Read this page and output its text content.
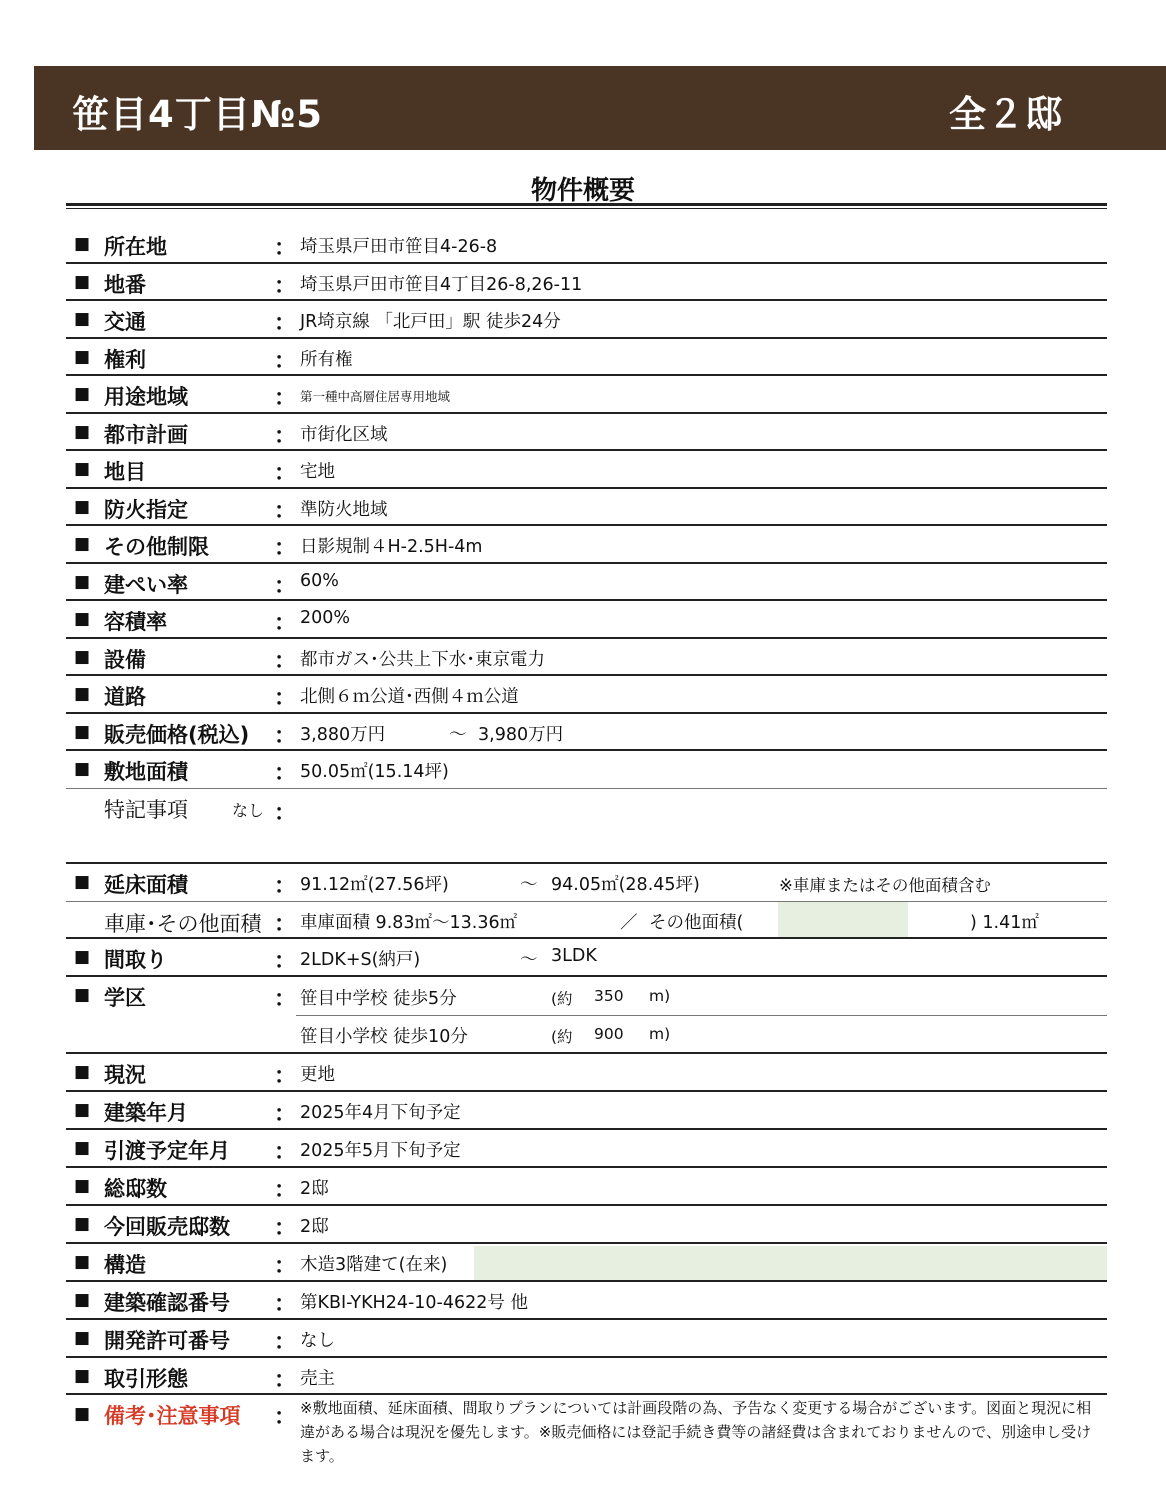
笹目4丁目№5	全２邸
物件概要
■ 所在地	： 埼玉県戸田市笹目4-26-8
■ 地番	： 埼玉県戸田市笹目4丁目26-8,26-11
■ 交通	： JR埼京線 「北戸田」駅 徒歩24分
■ 権利	： 所有権
■ 用途地域	： 第一種中高層住居専用地域
■ 都市計画	： 市街化区域
■ 地目	： 宅地
■ 防火指定	： 準防火地域
■ その他制限	： 日影規制４H-2.5H-4m
■ 建ぺい率	： 60%
■ 容積率	： 200%
■ 設備	： 都市ガス･公共上下水･東京電力
■ 道路	： 北側６ｍ公道･西側４ｍ公道
■ 販売価格(税込) ： 3,880万円	～ 3,980万円
■ 敷地面積	： 50.05㎡(15.14坪)
特記事項	なし ：
■ 延床面積	： 91.12㎡(27.56坪)	～ 94.05㎡(28.45坪)	※車庫またはその他面積含む
車庫･その他面積 ： 車庫面積 9.83㎡～13.36㎡	／ その他面積(	) 1.41㎡
■ 間取り	： 2LDK+S(納戸)	～ 3LDK
■ 学区	： 笹目中学校 徒歩5分	(約 350 m)
笹目小学校 徒歩10分	(約 900 m)
■ 現況	： 更地
■ 建築年月	： 2025年4月下旬予定
■ 引渡予定年月 ： 2025年5月下旬予定
■ 総邸数	： 2邸
■ 今回販売邸数 ： 2邸
■ 構造	： 木造3階建て(在来)
■ 建築確認番号 ： 第KBI-YKH24-10-4622号 他
■ 開発許可番号 ： なし
■ 取引形態	： 売主
■ 備考･注意事項 ： ※敷地面積、延床面積、間取りプランについては計画段階の為、予告なく変更する場合がございます。図面と現況に相違がある場合は現況を優先します。※販売価格には登記手続き費等の諸経費は含まれておりませんので、別途申し受けます。
